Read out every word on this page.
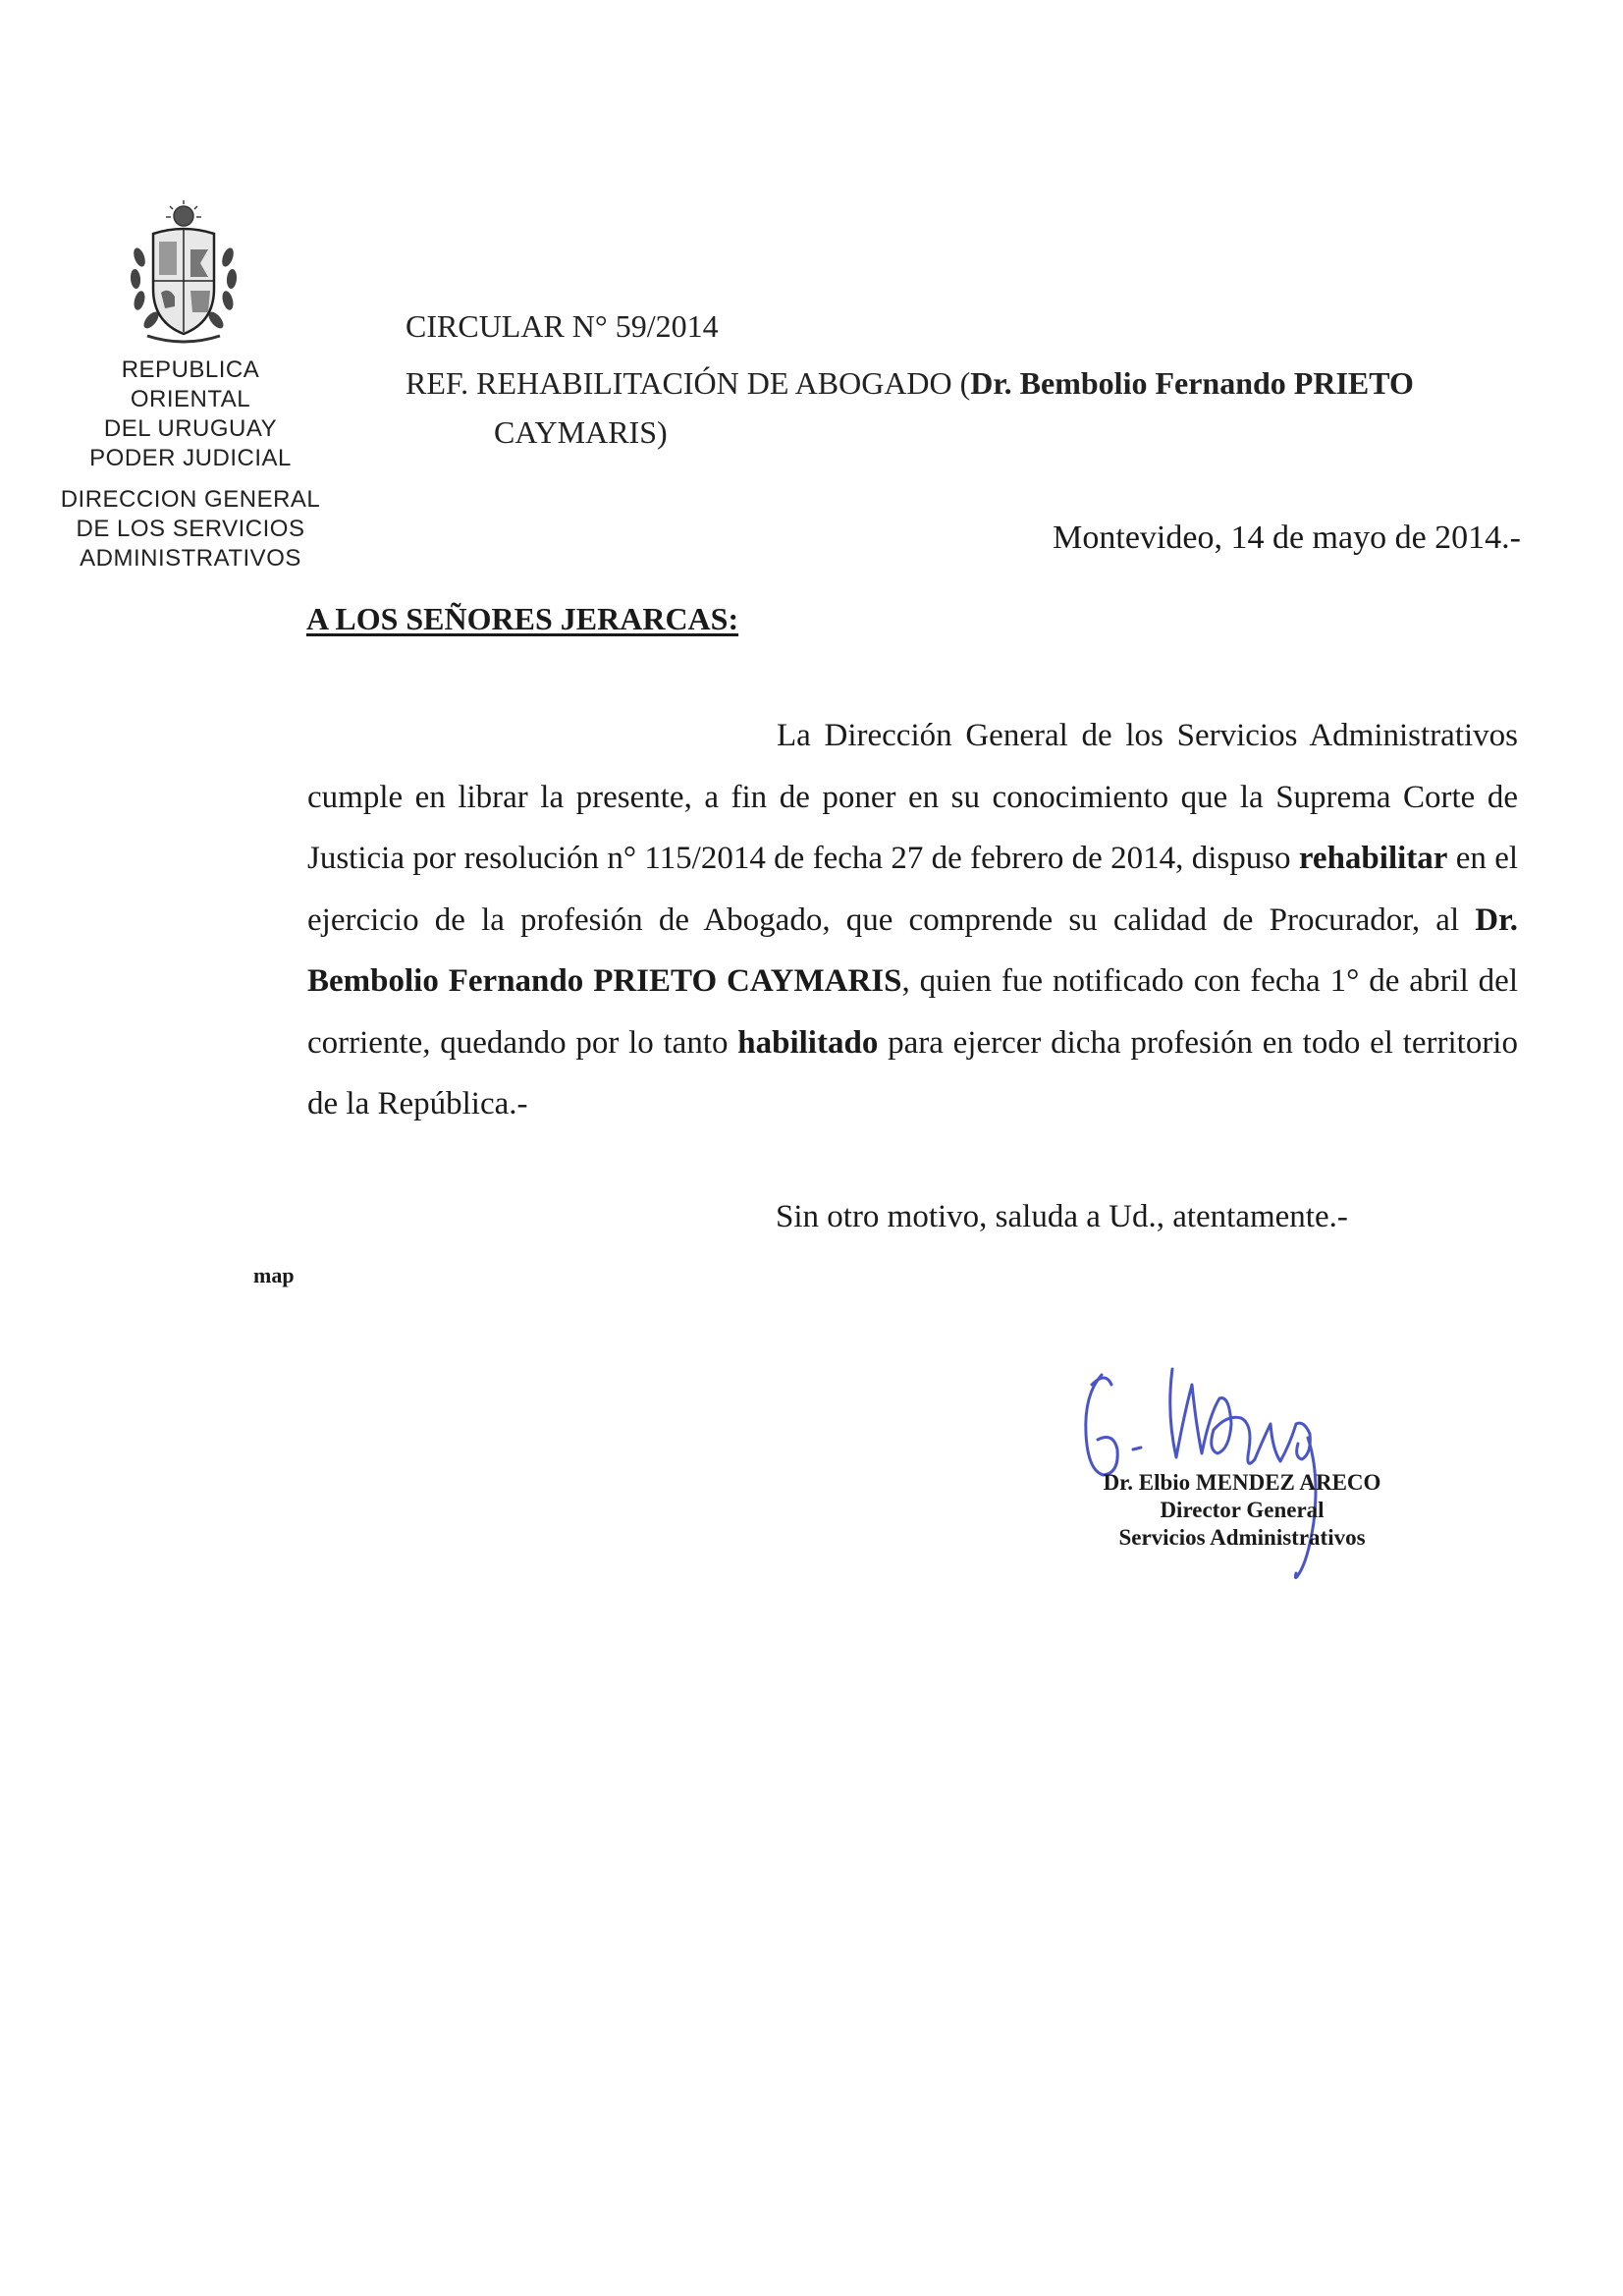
REPUBLICA ORIENTAL
DEL URUGUAY
PODER JUDICIAL
DIRECCION GENERAL
DE LOS SERVICIOS
ADMINISTRATIVOS
CIRCULAR N° 59/2014
REF. REHABILITACIÓN DE ABOGADO (Dr. Bembolio Fernando PRIETO
CAYMARIS)
Montevideo, 14 de mayo de 2014.-
A LOS SEÑORES JERARCAS:
La Dirección General de los Servicios Administrativos cumple en librar la presente, a fin de poner en su conocimiento que la Suprema Corte de Justicia por resolución n° 115/2014 de fecha 27 de febrero de 2014, dispuso rehabilitar en el ejercicio de la profesión de Abogado, que comprende su calidad de Procurador, al Dr. Bembolio Fernando PRIETO CAYMARIS, quien fue notificado con fecha 1° de abril del corriente, quedando por lo tanto habilitado para ejercer dicha profesión en todo el territorio de la República.-
Sin otro motivo, saluda a Ud., atentamente.-
map
Dr. Elbio MENDEZ ARECO
Director General
Servicios Administrativos
